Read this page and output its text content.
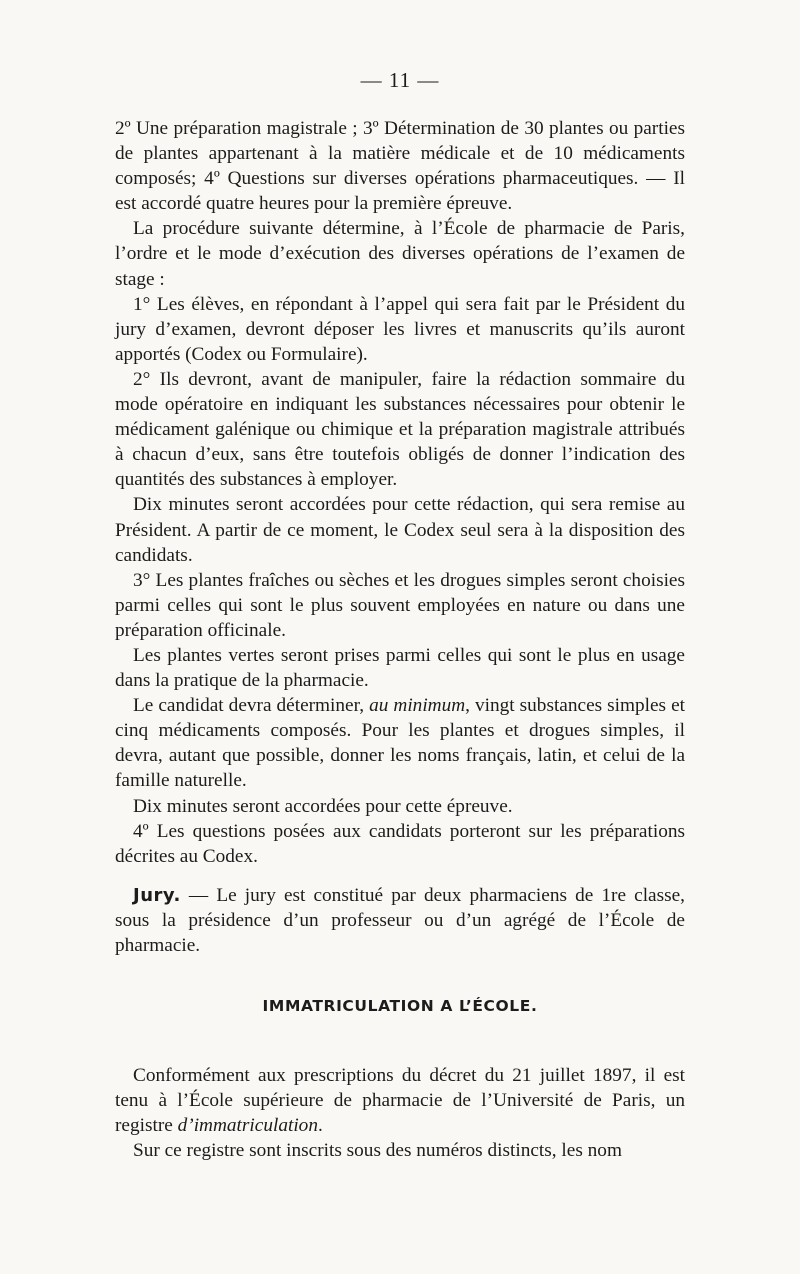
— 11 —

2º Une préparation magistrale ; 3º Détermination de 30 plantes ou parties de plantes appartenant à la matière médicale et de 10 médicaments composés; 4º Questions sur diverses opérations pharmaceutiques. — Il est accordé quatre heures pour la première épreuve.

La procédure suivante détermine, à l’École de pharmacie de Paris, l’ordre et le mode d’exécution des diverses opérations de l’examen de stage :

1° Les élèves, en répondant à l’appel qui sera fait par le Président du jury d’examen, devront déposer les livres et manuscrits qu’ils auront apportés (Codex ou Formulaire).

2° Ils devront, avant de manipuler, faire la rédaction sommaire du mode opératoire en indiquant les substances nécessaires pour obtenir le médicament galénique ou chimique et la préparation magistrale attribués à chacun d’eux, sans être toutefois obligés de donner l’indication des quantités des substances à employer.

Dix minutes seront accordées pour cette rédaction, qui sera remise au Président. A partir de ce moment, le Codex seul sera à la disposition des candidats.

3° Les plantes fraîches ou sèches et les drogues simples seront choisies parmi celles qui sont le plus souvent employées en nature ou dans une préparation officinale.

Les plantes vertes seront prises parmi celles qui sont le plus en usage dans la pratique de la pharmacie.

Le candidat devra déterminer, au minimum, vingt substances simples et cinq médicaments composés. Pour les plantes et drogues simples, il devra, autant que possible, donner les noms français, latin, et celui de la famille naturelle.

Dix minutes seront accordées pour cette épreuve.

4º Les questions posées aux candidats porteront sur les préparations décrites au Codex.

Jury. — Le jury est constitué par deux pharmaciens de 1re classe, sous la présidence d’un professeur ou d’un agrégé de l’École de pharmacie.

IMMATRICULATION A L’ÉCOLE.

Conformément aux prescriptions du décret du 21 juillet 1897, il est tenu à l’École supérieure de pharmacie de l’Université de Paris, un registre d’immatriculation.

Sur ce registre sont inscrits sous des numéros distincts, les nom
